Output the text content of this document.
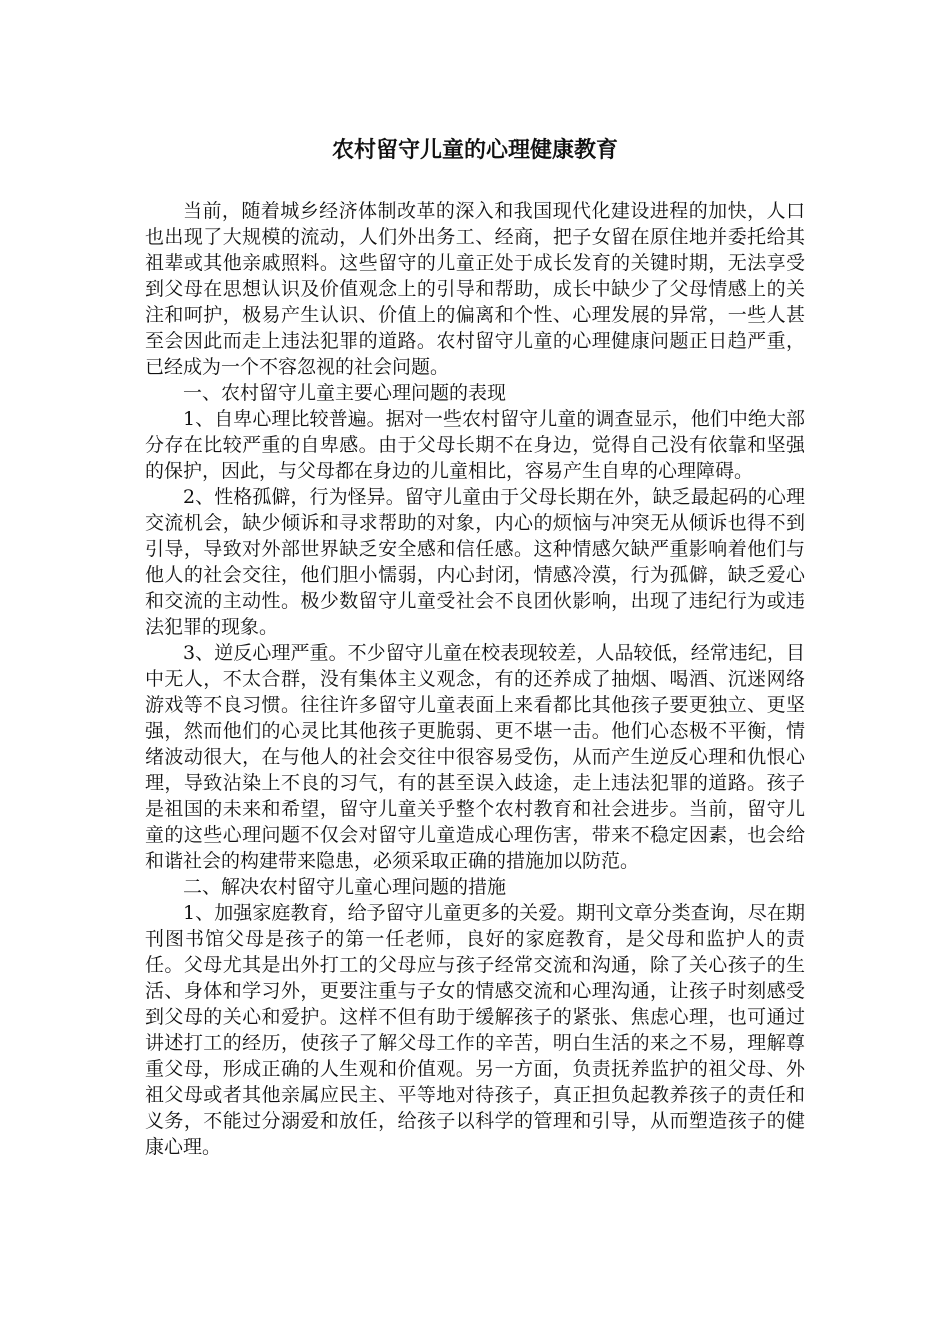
农村留守儿童的心理健康教育

当前，随着城乡经济体制改革的深入和我国现代化建设进程的加快，人口也出现了大规模的流动，人们外出务工、经商，把子女留在原住地并委托给其祖辈或其他亲戚照料。这些留守的儿童正处于成长发育的关键时期，无法享受到父母在思想认识及价值观念上的引导和帮助，成长中缺少了父母情感上的关注和呵护，极易产生认识、价值上的偏离和个性、心理发展的异常，一些人甚至会因此而走上违法犯罪的道路。农村留守儿童的心理健康问题正日趋严重，已经成为一个不容忽视的社会问题。

一、农村留守儿童主要心理问题的表现

1、自卑心理比较普遍。据对一些农村留守儿童的调查显示，他们中绝大部分存在比较严重的自卑感。由于父母长期不在身边，觉得自己没有依靠和坚强的保护，因此，与父母都在身边的儿童相比，容易产生自卑的心理障碍。

2、性格孤僻，行为怪异。留守儿童由于父母长期在外，缺乏最起码的心理交流机会，缺少倾诉和寻求帮助的对象，内心的烦恼与冲突无从倾诉也得不到引导，导致对外部世界缺乏安全感和信任感。这种情感欠缺严重影响着他们与他人的社会交往，他们胆小懦弱，内心封闭，情感冷漠，行为孤僻，缺乏爱心和交流的主动性。极少数留守儿童受社会不良团伙影响，出现了违纪行为或违法犯罪的现象。

3、逆反心理严重。不少留守儿童在校表现较差，人品较低，经常违纪，目中无人，不太合群，没有集体主义观念，有的还养成了抽烟、喝酒、沉迷网络游戏等不良习惯。往往许多留守儿童表面上来看都比其他孩子要更独立、更坚强，然而他们的心灵比其他孩子更脆弱、更不堪一击。他们心态极不平衡，情绪波动很大，在与他人的社会交往中很容易受伤，从而产生逆反心理和仇恨心理，导致沾染上不良的习气，有的甚至误入歧途，走上违法犯罪的道路。孩子是祖国的未来和希望，留守儿童关乎整个农村教育和社会进步。当前，留守儿童的这些心理问题不仅会对留守儿童造成心理伤害，带来不稳定因素，也会给和谐社会的构建带来隐患，必须采取正确的措施加以防范。

二、解决农村留守儿童心理问题的措施

1、加强家庭教育，给予留守儿童更多的关爱。期刊文章分类查询，尽在期刊图书馆父母是孩子的第一任老师，良好的家庭教育，是父母和监护人的责任。父母尤其是出外打工的父母应与孩子经常交流和沟通，除了关心孩子的生活、身体和学习外，更要注重与子女的情感交流和心理沟通，让孩子时刻感受到父母的关心和爱护。这样不但有助于缓解孩子的紧张、焦虑心理，也可通过讲述打工的经历，使孩子了解父母工作的辛苦，明白生活的来之不易，理解尊重父母，形成正确的人生观和价值观。另一方面，负责抚养监护的祖父母、外祖父母或者其他亲属应民主、平等地对待孩子，真正担负起教养孩子的责任和义务，不能过分溺爱和放任，给孩子以科学的管理和引导，从而塑造孩子的健康心理。
